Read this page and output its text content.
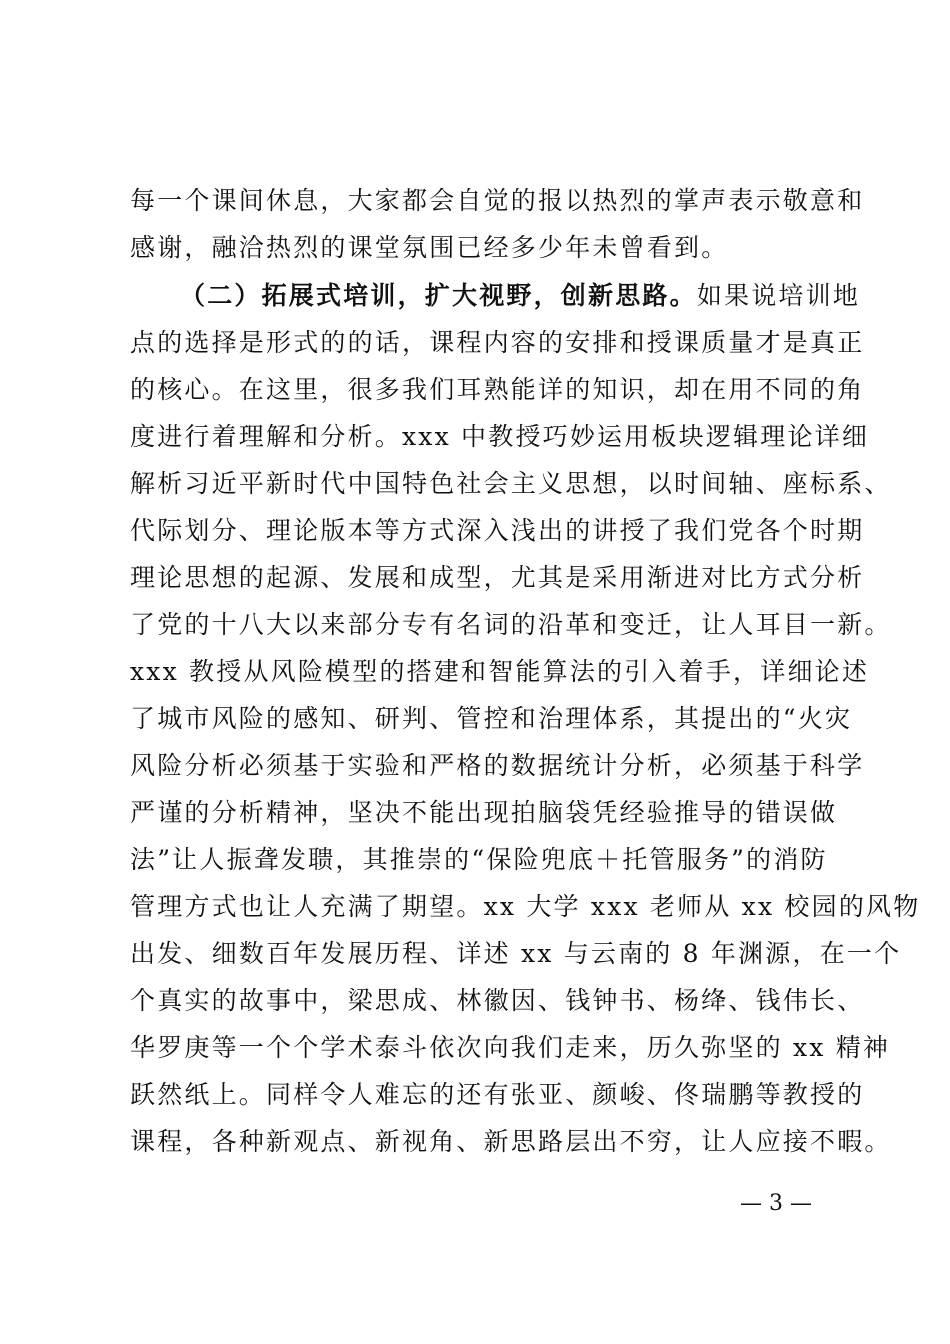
每一个课间休息，大家都会自觉的报以热烈的掌声表示敬意和
感谢，融洽热烈的课堂氛围已经多少年未曾看到。
（二）拓展式培训，扩大视野，创新思路。如果说培训地
点的选择是形式的的话，课程内容的安排和授课质量才是真正
的核心。在这里，很多我们耳熟能详的知识，却在用不同的角
度进行着理解和分析。xxx 中教授巧妙运用板块逻辑理论详细
解析习近平新时代中国特色社会主义思想，以时间轴、座标系、
代际划分、理论版本等方式深入浅出的讲授了我们党各个时期
理论思想的起源、发展和成型，尤其是采用渐进对比方式分析
了党的十八大以来部分专有名词的沿革和变迁，让人耳目一新。
xxx 教授从风险模型的搭建和智能算法的引入着手，详细论述
了城市风险的感知、研判、管控和治理体系，其提出的“火灾
风险分析必须基于实验和严格的数据统计分析，必须基于科学
严谨的分析精神，坚决不能出现拍脑袋凭经验推导的错误做
法”让人振聋发聩，其推崇的“保险兜底＋托管服务”的消防
管理方式也让人充满了期望。xx 大学 xxx 老师从 xx 校园的风物
出发、细数百年发展历程、详述 xx 与云南的 8 年渊源，在一个
个真实的故事中，梁思成、林徽因、钱钟书、杨绛、钱伟长、
华罗庚等一个个学术泰斗依次向我们走来，历久弥坚的 xx 精神
跃然纸上。同样令人难忘的还有张亚、颜峻、佟瑞鹏等教授的
课程，各种新观点、新视角、新思路层出不穷，让人应接不暇。
— 3 —
